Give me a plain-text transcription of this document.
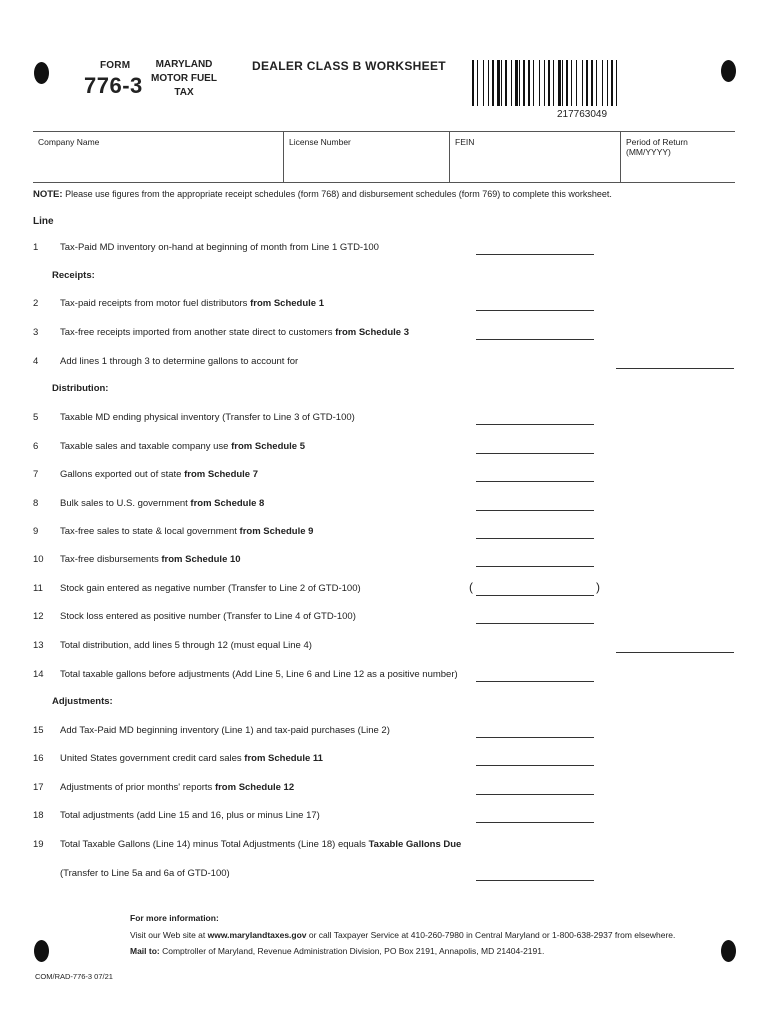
FORM
776-3
MARYLAND
MOTOR FUEL
TAX
DEALER CLASS B WORKSHEET
217763049
Company Name	License Number	FEIN	Period of Return (MM/YYYY)
NOTE: Please use figures from the appropriate receipt schedules (form 768) and disbursement schedules (form 769) to complete this worksheet.
Line
Receipts:
Distribution:
Adjustments:
1	Tax-Paid MD inventory on-hand at beginning of month from Line 1 GTD-100
2	Tax-paid receipts from motor fuel distributors from Schedule 1
3	Tax-free receipts imported from another state direct to customers from Schedule 3
4	Add lines 1 through 3 to determine gallons to account for
5	Taxable MD ending physical inventory (Transfer to Line 3 of GTD-100)
6	Taxable sales and taxable company use from Schedule 5
7	Gallons exported out of state from Schedule 7
8	Bulk sales to U.S. government from Schedule 8
9	Tax-free sales to state & local government from Schedule 9
10	Tax-free disbursements from Schedule 10
11	Stock gain entered as negative number (Transfer to Line 2 of GTD-100)	(	)
12	Stock loss entered as positive number (Transfer to Line 4 of GTD-100)
13	Total distribution, add lines 5 through 12 (must equal Line 4)
14	Total taxable gallons before adjustments (Add Line 5, Line 6 and Line 12 as a positive number)
15	Add Tax-Paid MD beginning inventory (Line 1) and tax-paid purchases (Line 2)
16	United States government credit card sales from Schedule 11
17	Adjustments of prior months' reports from Schedule 12
18	Total adjustments (add Line 15 and 16, plus or minus Line 17)
19	Total Taxable Gallons (Line 14) minus Total Adjustments (Line 18) equals Taxable Gallons Due
(Transfer to Line 5a and 6a of GTD-100)
For more information:
Visit our Web site at www.marylandtaxes.gov or call Taxpayer Service at 410-260-7980 in Central Maryland or 1-800-638-2937 from elsewhere.
Mail to: Comptroller of Maryland, Revenue Administration Division, PO Box 2191, Annapolis, MD 21404-2191.
COM/RAD-776-3 07/21
